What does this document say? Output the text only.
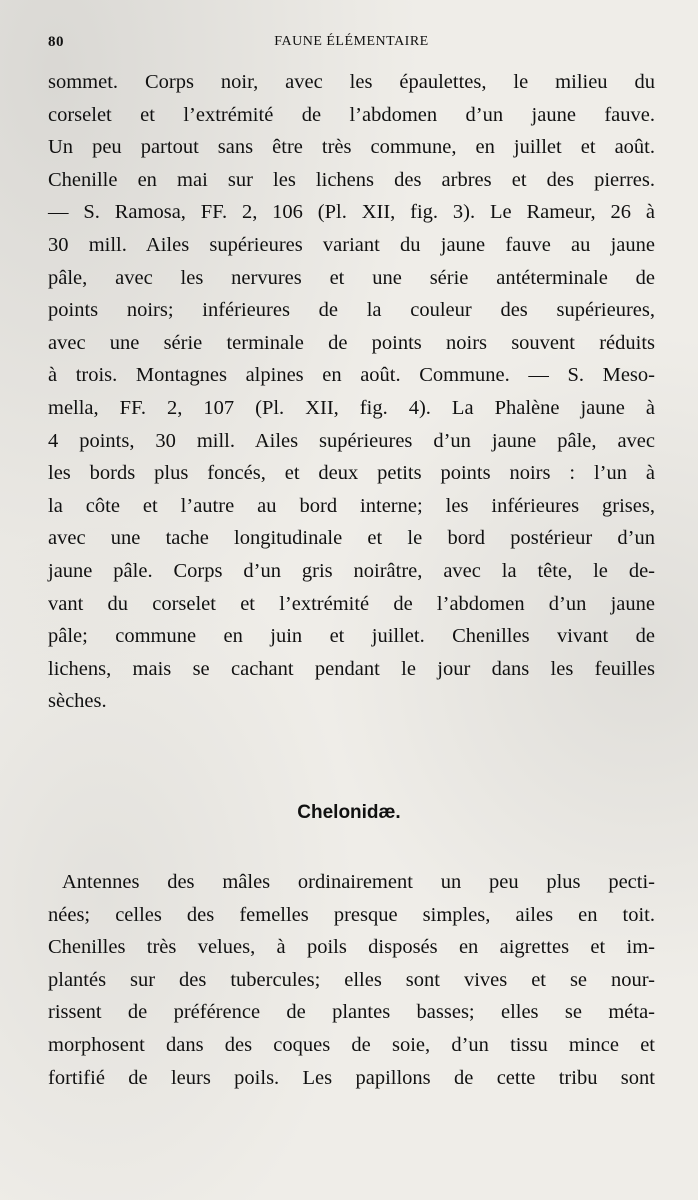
80	FAUNE ÉLÉMENTAIRE
sommet. Corps noir, avec les épaulettes, le milieu du
corselet et l’extrémité de l’abdomen d’un jaune fauve.
Un peu partout sans être très commune, en juillet et août.
Chenille en mai sur les lichens des arbres et des pierres.
— S. Ramosa, FF. 2, 106 (Pl. XII, fig. 3). Le Rameur, 26 à
30 mill. Ailes supérieures variant du jaune fauve au jaune
pâle, avec les nervures et une série antéterminale de
points noirs; inférieures de la couleur des supérieures,
avec une série terminale de points noirs souvent réduits
à trois. Montagnes alpines en août. Commune. — S. Meso-
mella, FF. 2, 107 (Pl. XII, fig. 4). La Phalène jaune à
4 points, 30 mill. Ailes supérieures d’un jaune pâle, avec
les bords plus foncés, et deux petits points noirs : l’un à
la côte et l’autre au bord interne; les inférieures grises,
avec une tache longitudinale et le bord postérieur d’un
jaune pâle. Corps d’un gris noirâtre, avec la tête, le de-
vant du corselet et l’extrémité de l’abdomen d’un jaune
pâle; commune en juin et juillet. Chenilles vivant de
lichens, mais se cachant pendant le jour dans les feuilles
sèches.
Chelonidæ.
Antennes des mâles ordinairement un peu plus pecti-
nées; celles des femelles presque simples, ailes en toit.
Chenilles très velues, à poils disposés en aigrettes et im-
plantés sur des tubercules; elles sont vives et se nour-
rissent de préférence de plantes basses; elles se méta-
morphosent dans des coques de soie, d’un tissu mince et
fortifié de leurs poils. Les papillons de cette tribu sont
